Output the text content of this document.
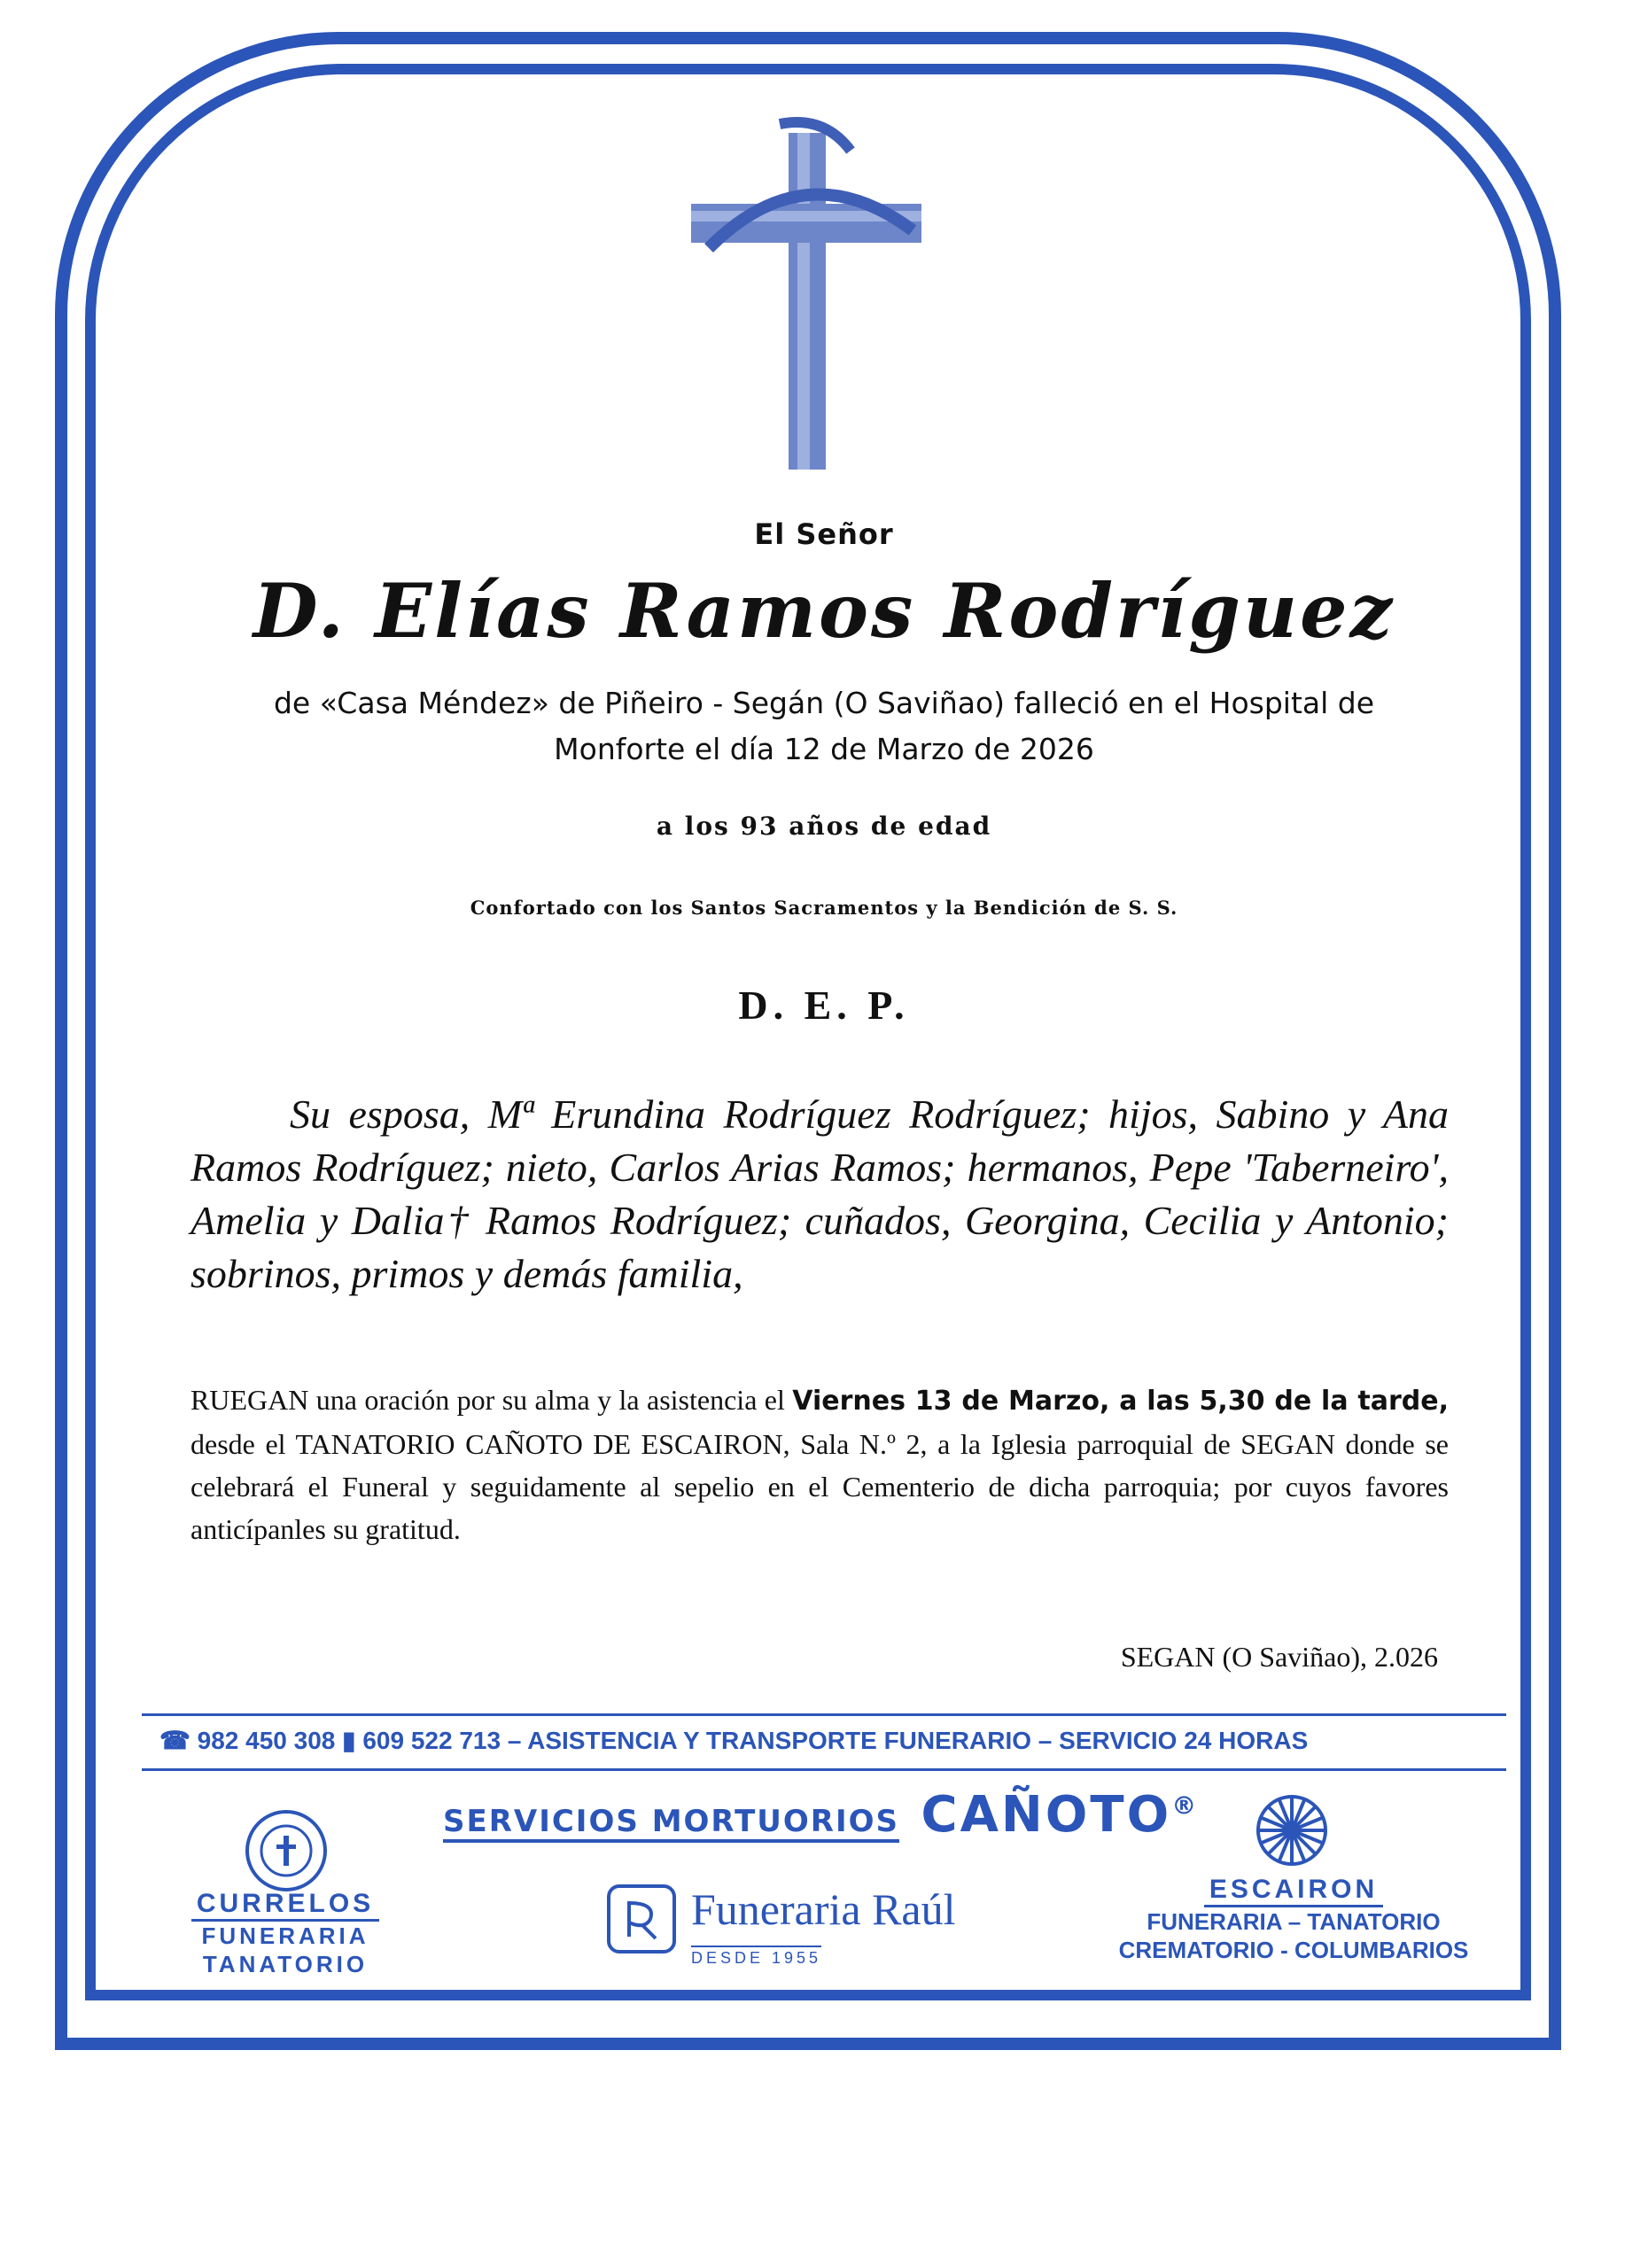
El Señor
D. Elías Ramos Rodríguez
de «Casa Méndez» de Piñeiro - Segán (O Saviñao) falleció en el Hospital de
Monforte el día 12 de Marzo de 2026
a los 93 años de edad
Confortado con los Santos Sacramentos y la Bendición de S. S.
D. E. P.
Su esposa, Mª Erundina Rodríguez Rodríguez; hijos, Sabino y Ana Ramos Rodríguez; nieto, Carlos Arias Ramos; hermanos, Pepe 'Taberneiro', Amelia y Dalia† Ramos Rodríguez; cuñados, Georgina, Cecilia y Antonio; sobrinos, primos y demás familia,
RUEGAN una oración por su alma y la asistencia el Viernes 13 de Marzo, a las 5,30 de la tarde, desde el TANATORIO CAÑOTO DE ESCAIRON, Sala N.º 2, a la Iglesia parroquial de SEGAN donde se celebrará el Funeral y seguidamente al sepelio en el Cementerio de dicha parroquia; por cuyos favores anticípanles su gratitud.
SEGAN (O Saviñao), 2.026
☎ 982 450 308 ▮ 609 522 713 – ASISTENCIA Y TRANSPORTE FUNERARIO – SERVICIO 24 HORAS
SERVICIOS MORTUORIOS CAÑOTO®
CURRELOS
FUNERARIA
TANATORIO
Funeraria Raúl
DESDE 1955
ESCAIRON
FUNERARIA – TANATORIO
CREMATORIO - COLUMBARIOS
